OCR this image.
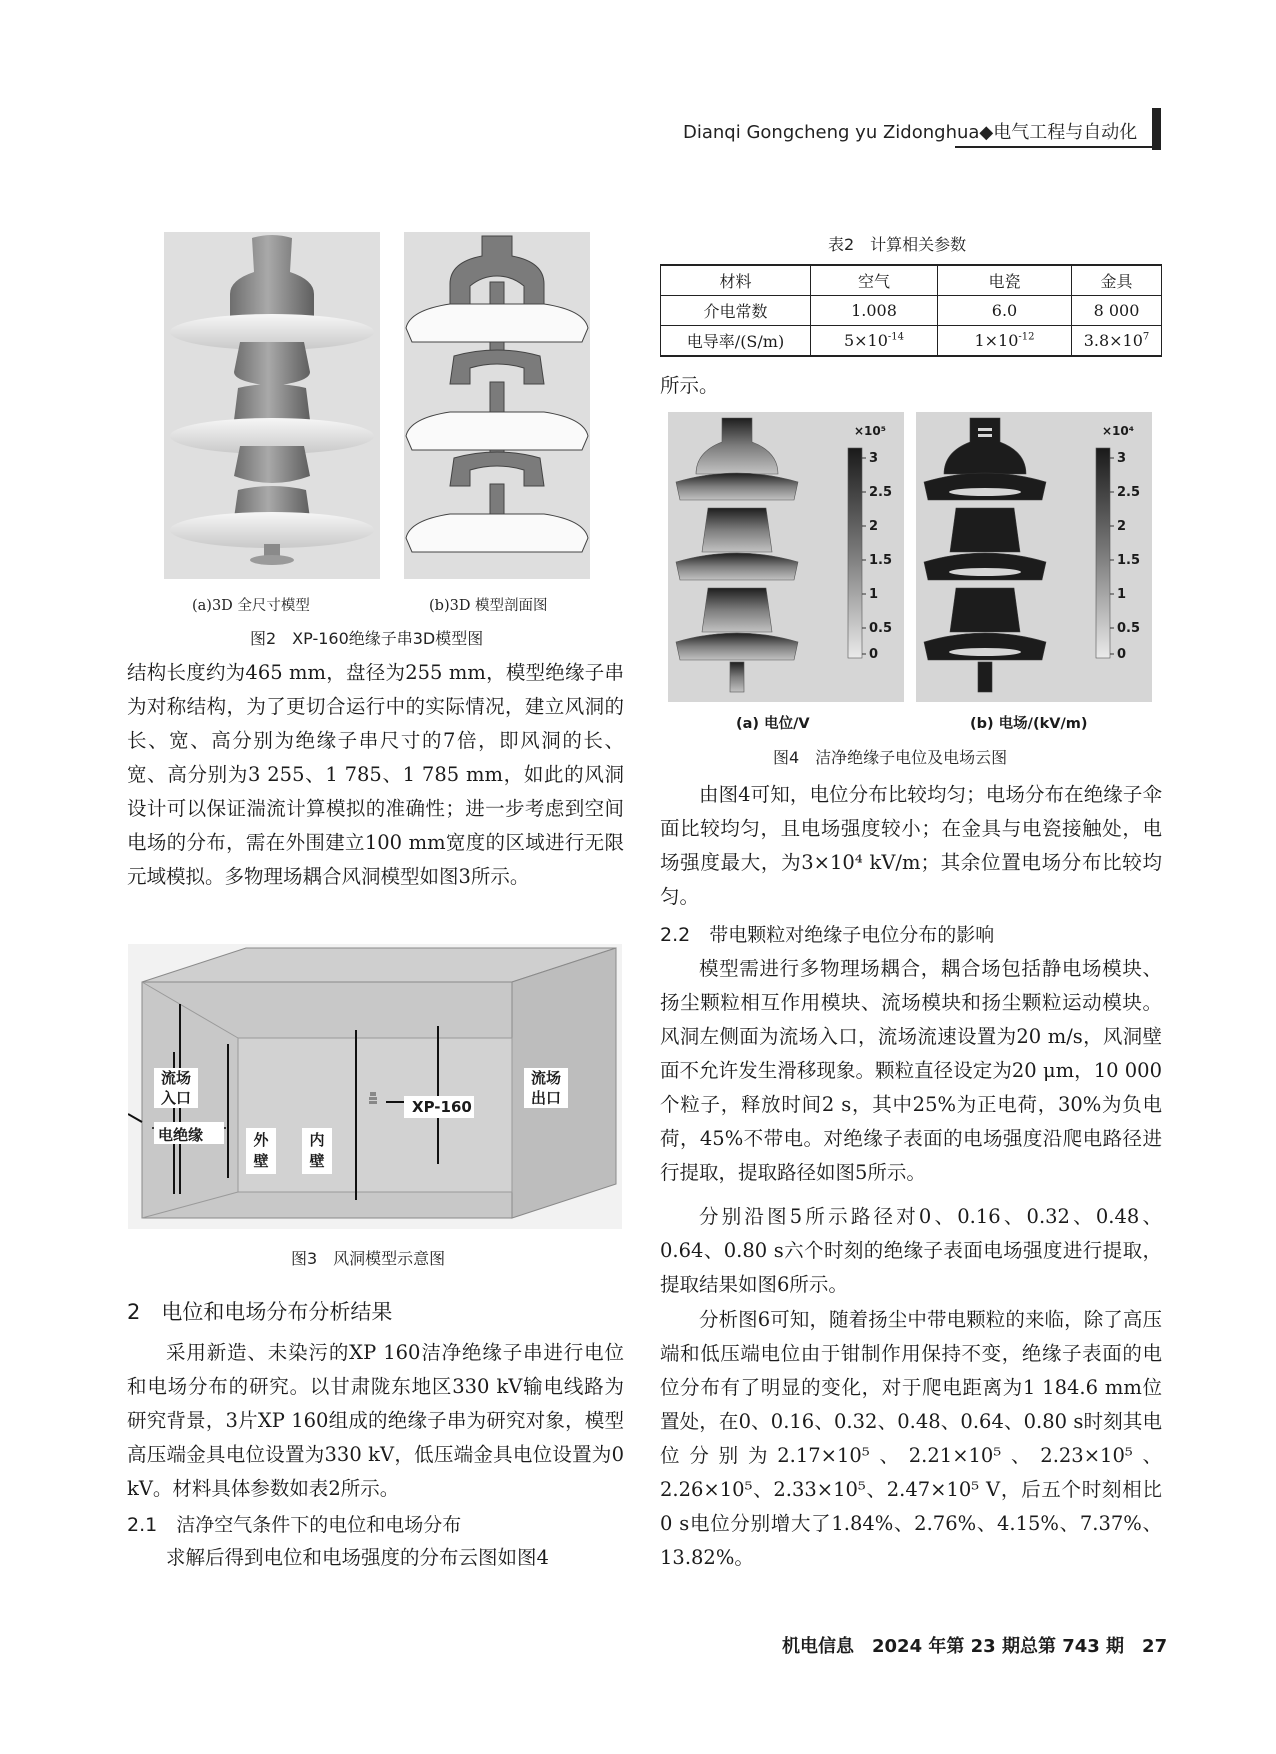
Dianqi Gongcheng yu Zidonghua◆电气工程与自动化
(a)3D 全尺寸模型	(b)3D 模型剖面图
图2　XP-160绝缘子串3D模型图

结构长度约为465 mm，盘径为255 mm，模型绝缘子串为对称结构，为了更切合运行中的实际情况，建立风洞的长、宽、高分别为绝缘子串尺寸的7倍，即风洞的长、宽、高分别为3 255、1 785、1 785 mm，如此的风洞设计可以保证湍流计算模拟的准确性；进一步考虑到空间电场的分布，需在外围建立100 mm宽度的区域进行无限元域模拟。多物理场耦合风洞模型如图3所示。

流场入口
电绝缘	外壁
内壁
XP-160
流场出口
图3　风洞模型示意图
2　电位和电场分布分析结果

采用新造、未染污的XP 160洁净绝缘子串进行电位和电场分布的研究。以甘肃陇东地区330 kV输电线路为研究背景，3片XP 160组成的绝缘子串为研究对象，模型高压端金具电位设置为330 kV，低压端金具电位设置为0 kV。材料具体参数如表2所示。

2.1　洁净空气条件下的电位和电场分布

求解后得到电位和电场强度的分布云图如图4

表2　计算相关参数
材料	空气	电瓷	金具
介电常数	1.008	6.0	8 000
电导率/(S/m)	$5\times 10^{-14}$	$1\times 10^{-12}$	$3.8\times 10^7$
所示。
×10⁵
3
2.5
2
1.5
1
0.5
0
×10⁴
3
2.5
2
1.5
1
0.5
0
(a) 电位/V	(b) 电场/(kV/m)
图4　洁净绝缘子电位及电场云图

由图4可知，电位分布比较均匀；电场分布在绝缘子伞面比较均匀，且电场强度较小；在金具与电瓷接触处，电场强度最大，为3×10⁴ kV/m；其余位置电场分布比较均匀。

2.2　带电颗粒对绝缘子电位分布的影响

模型需进行多物理场耦合，耦合场包括静电场模块、扬尘颗粒相互作用模块、流场模块和扬尘颗粒运动模块。风洞左侧面为流场入口，流场流速设置为20 m/s，风洞壁面不允许发生滑移现象。颗粒直径设定为20 μm，10 000个粒子，释放时间2 s，其中25%为正电荷，30%为负电荷，45%不带电。对绝缘子表面的电场强度沿爬电路径进行提取，提取路径如图5所示。

分别沿图5所示路径对0、0.16、0.32、0.48、0.64、0.80 s六个时刻的绝缘子表面电场强度进行提取，提取结果如图6所示。

分析图6可知，随着扬尘中带电颗粒的来临，除了高压端和低压端电位由于钳制作用保持不变，绝缘子表面的电位分布有了明显的变化，对于爬电距离为1 184.6 mm位置处，在0、0.16、0.32、0.48、0.64、0.80 s时刻其电位分别为2.17×10⁵、2.21×10⁵、2.23×10⁵、2.26×10⁵、2.33×10⁵、2.47×10⁵ V，后五个时刻相比0 s电位分别增大了1.84%、2.76%、4.15%、7.37%、13.82%。

机电信息　2024 年第 23 期总第 743 期　27
